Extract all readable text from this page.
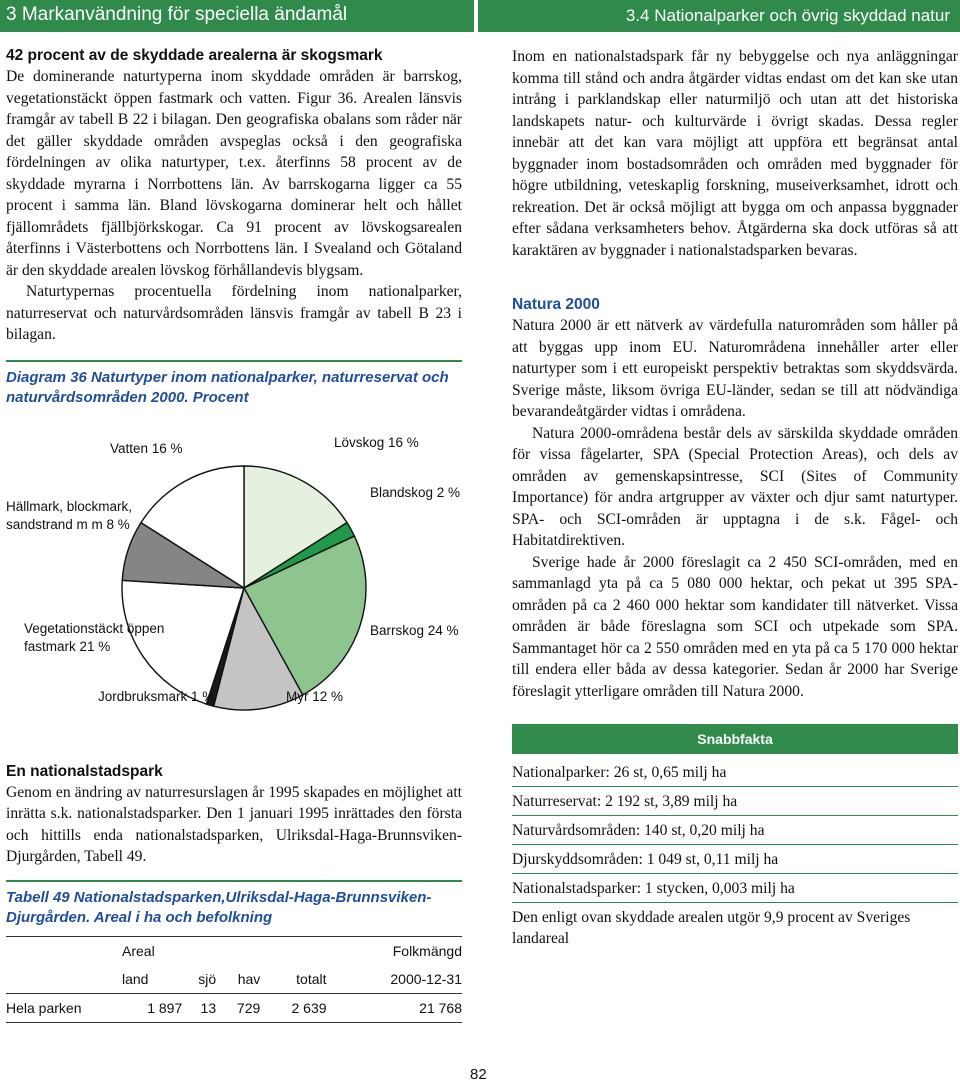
3 Markanvändning för speciella ändamål	3.4 Nationalparker och övrig skyddad natur
42 procent av de skyddade arealerna är skogsmark

De dominerande naturtyperna inom skyddade områden är barrskog, vegetationstäckt öppen fastmark och vatten. Figur 36. Arealen länsvis framgår av tabell B 22 i bilagan. Den geografiska obalans som råder när det gäller skyddade områden avspeglas också i den geografiska fördelningen av olika naturtyper, t.ex. återfinns 58 procent av de skyddade myrarna i Norrbottens län. Av barrskogarna ligger ca 55 procent i samma län. Bland lövskogarna dominerar helt och hållet fjällområdets fjällbjörkskogar. Ca 91 procent av lövskogsarealen återfinns i Västerbottens och Norrbottens län. I Svealand och Götaland är den skyddade arealen lövskog förhållandevis blygsam.

Naturtypernas procentuella fördelning inom nationalparker, naturreservat och naturvårdsområden länsvis framgår av tabell B 23 i bilagan.

Diagram 36 Naturtyper inom nationalparker, naturreservat och naturvårdsområden 2000. Procent
Vatten 16 %	Lövskog 16 %
Blandskog 2 %
Hällmark, blockmark, sandstrand m m 8 %
Barrskog 24 %
Vegetationstäckt öppen fastmark 21 %
Jordbruksmark 1 %	Myr 12 %
En nationalstadspark

Genom en ändring av naturresurslagen år 1995 skapades en möjlighet att inrätta s.k. nationalstadsparker. Den 1 januari 1995 inrättades den första och hittills enda nationalstadsparken, Ulriksdal-Haga-Brunnsviken-Djurgården, Tabell 49.

Tabell 49 Nationalstadsparken,Ulriksdal-Haga-Brunnsviken-Djurgården. Areal i ha och befolkning
	Areal				Folkmängd
	land	sjö	hav	totalt	2000-12-31
Hela parken	1 897	13	729	2 639	21 768

Inom en nationalstadspark får ny bebyggelse och nya anläggningar komma till stånd och andra åtgärder vidtas endast om det kan ske utan intrång i parklandskap eller naturmiljö och utan att det historiska landskapets natur- och kulturvärde i övrigt skadas. Dessa regler innebär att det kan vara möjligt att uppföra ett begränsat antal byggnader inom bostadsområden och områden med byggnader för högre utbildning, veteskaplig forskning, museiverksamhet, idrott och rekreation. Det är också möjligt att bygga om och anpassa byggnader efter sådana verksamheters behov. Åtgärderna ska dock utföras så att karaktären av byggnader i nationalstadsparken bevaras.

Natura 2000

Natura 2000 är ett nätverk av värdefulla naturområden som håller på att byggas upp inom EU. Naturområdena innehåller arter eller naturtyper som i ett europeiskt perspektiv betraktas som skyddsvärda. Sverige måste, liksom övriga EU-länder, sedan se till att nödvändiga bevarandeåtgärder vidtas i områdena.

Natura 2000-områdena består dels av särskilda skyddade områden för vissa fågelarter, SPA (Special Protection Areas), och dels av områden av gemenskapsintresse, SCI (Sites of Community Importance) för andra artgrupper av växter och djur samt naturtyper. SPA- och SCI-områden är upptagna i de s.k. Fågel- och Habitatdirektiven.

Sverige hade år 2000 föreslagit ca 2 450 SCI-områden, med en sammanlagd yta på ca 5 080 000 hektar, och pekat ut 395 SPA-områden på ca 2 460 000 hektar som kandidater till nätverket. Vissa områden är både föreslagna som SCI och utpekade som SPA. Sammantaget hör ca 2 550 områden med en yta på ca 5 170 000 hektar till endera eller båda av dessa kategorier. Sedan år 2000 har Sverige föreslagit ytterligare områden till Natura 2000.

Snabbfakta
Nationalparker: 26 st, 0,65 milj ha
Naturreservat: 2 192 st, 3,89 milj ha
Naturvårdsområden: 140 st, 0,20 milj ha
Djurskyddsområden: 1 049 st, 0,11 milj ha
Nationalstadsparker: 1 stycken, 0,003 milj ha
Den enligt ovan skyddade arealen utgör 9,9 procent av Sveriges landareal
82
